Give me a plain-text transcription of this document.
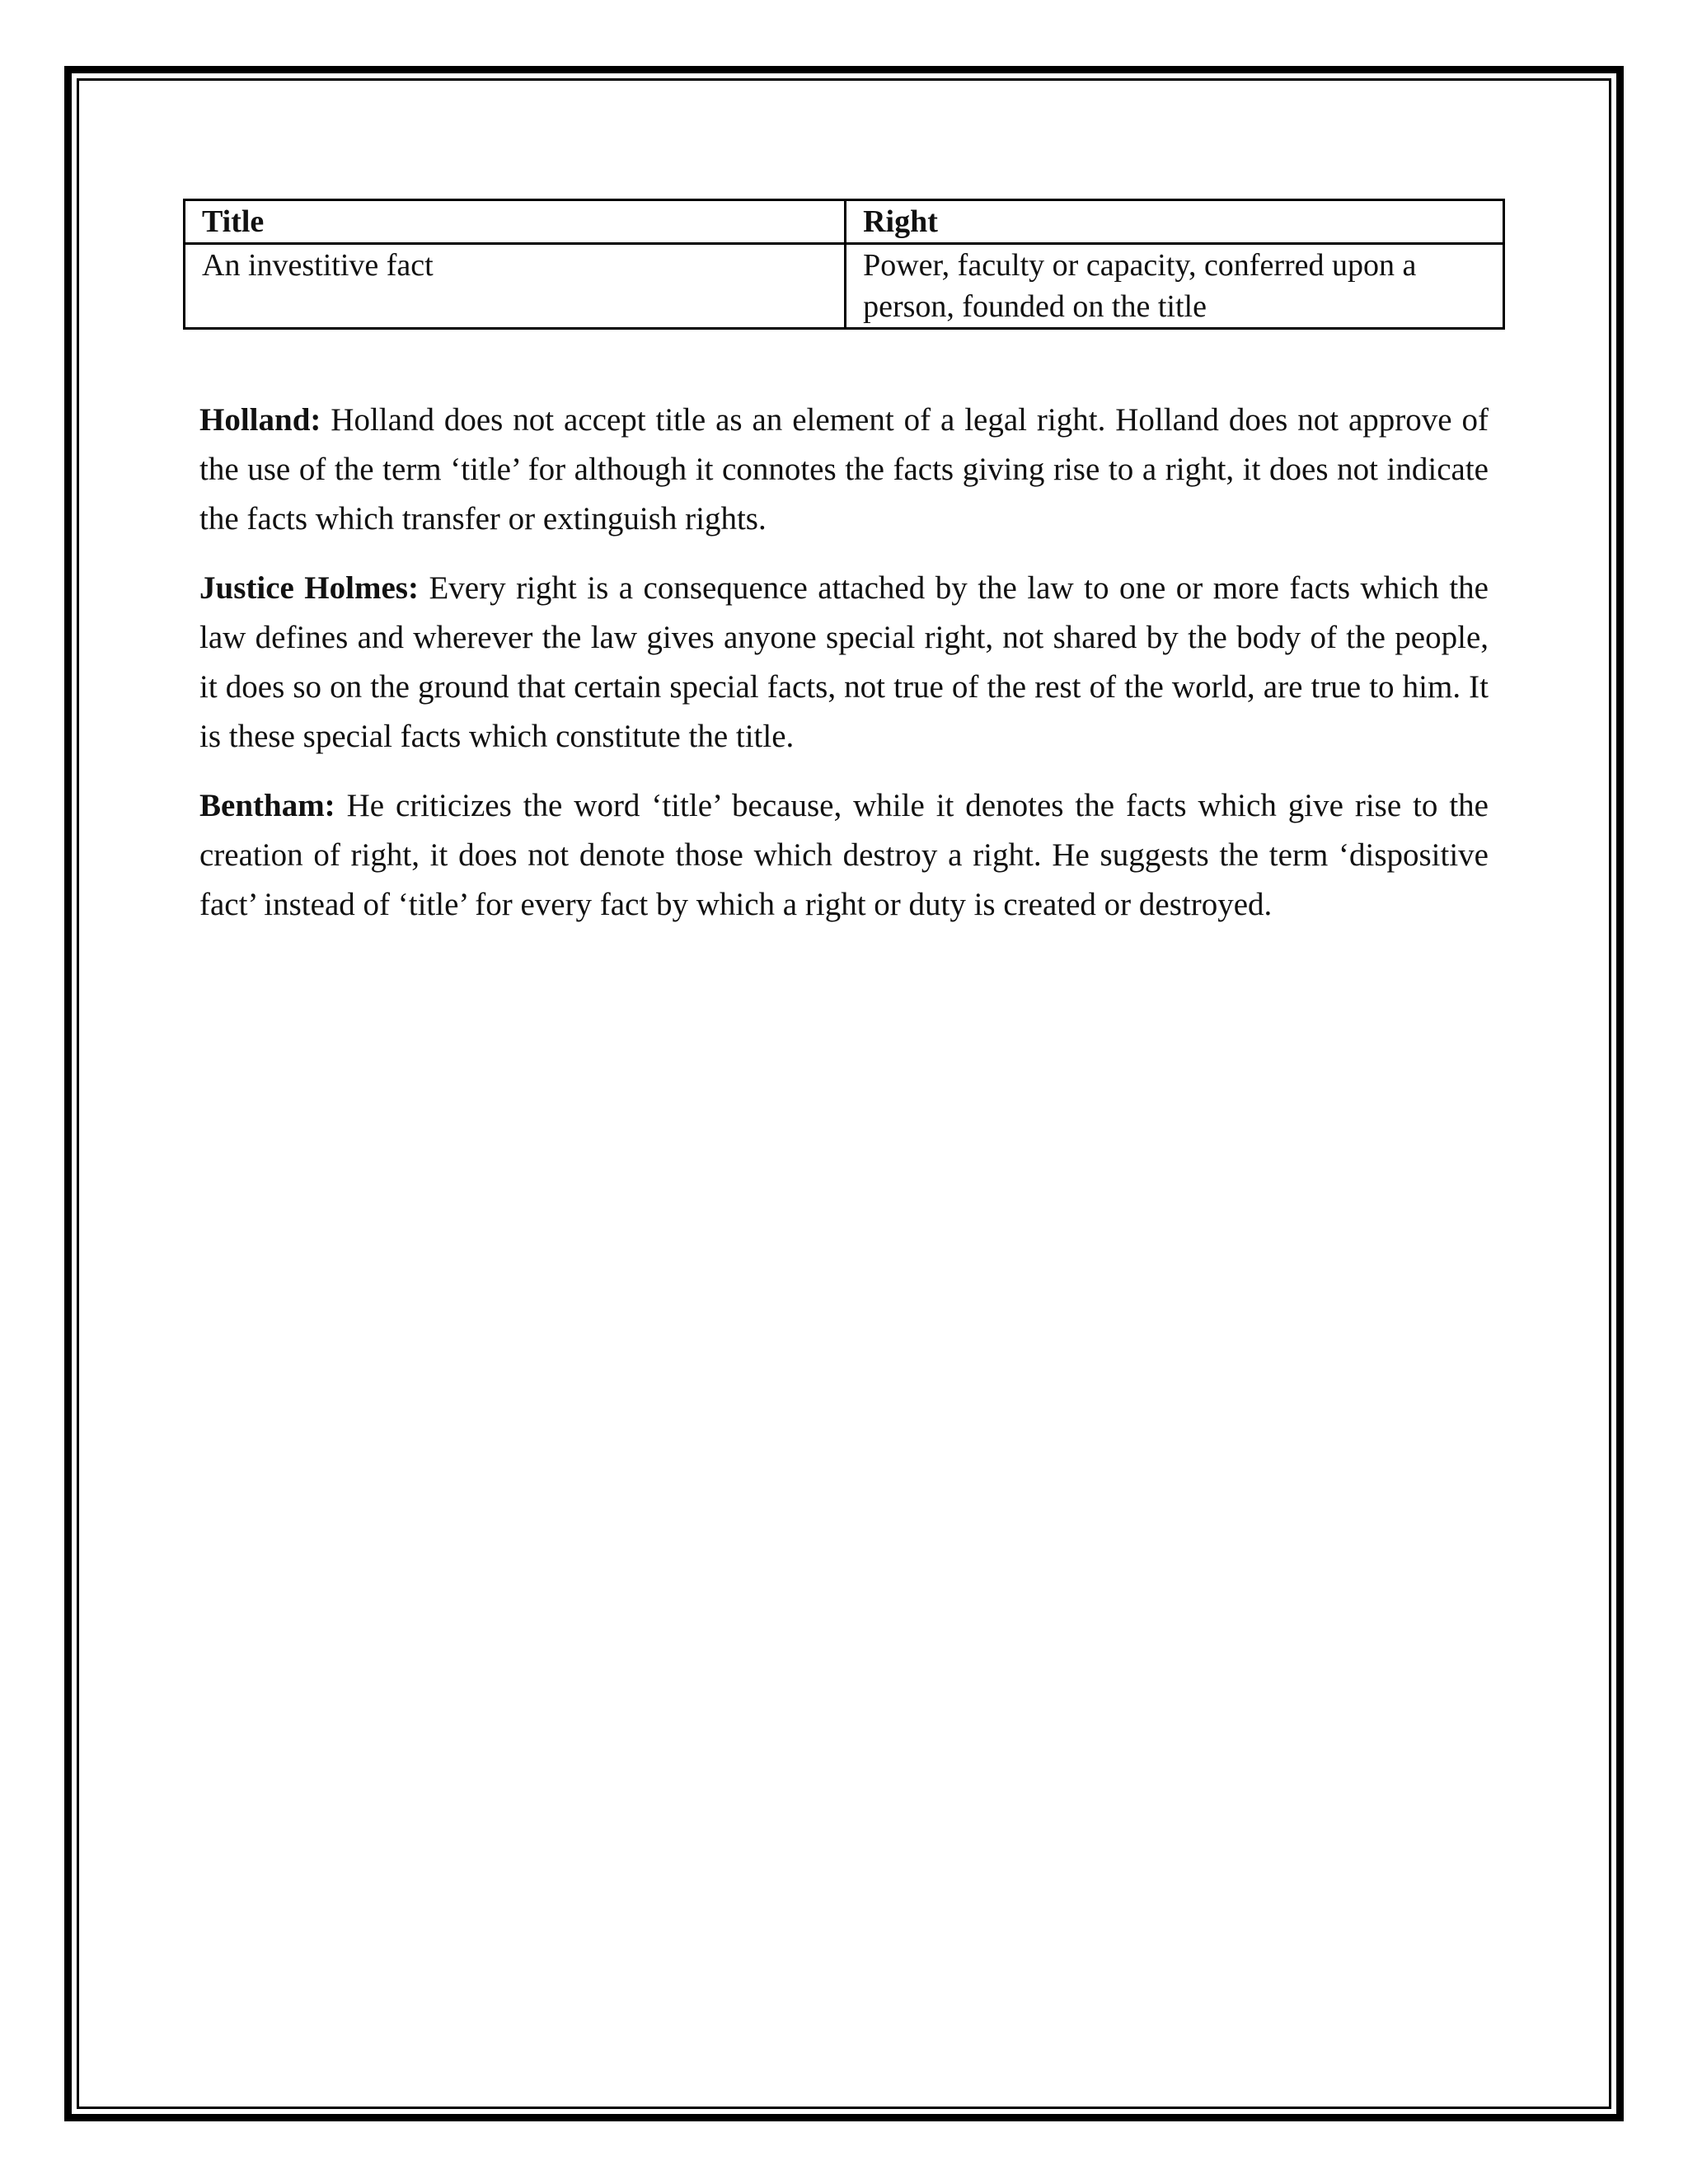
Title	Right
An investitive fact	Power, faculty or capacity, conferred upon a person, founded on the title

Holland: Holland does not accept title as an element of a legal right. Holland does not approve of the use of the term ‘title’ for although it connotes the facts giving rise to a right, it does not indicate the facts which transfer or extinguish rights.

Justice Holmes: Every right is a consequence attached by the law to one or more facts which the law defines and wherever the law gives anyone special right, not shared by the body of the people, it does so on the ground that certain special facts, not true of the rest of the world, are true to him. It is these special facts which constitute the title.

Bentham: He criticizes the word ‘title’ because, while it denotes the facts which give rise to the creation of right, it does not denote those which destroy a right. He suggests the term ‘dispositive fact’ instead of ‘title’ for every fact by which a right or duty is created or destroyed.
